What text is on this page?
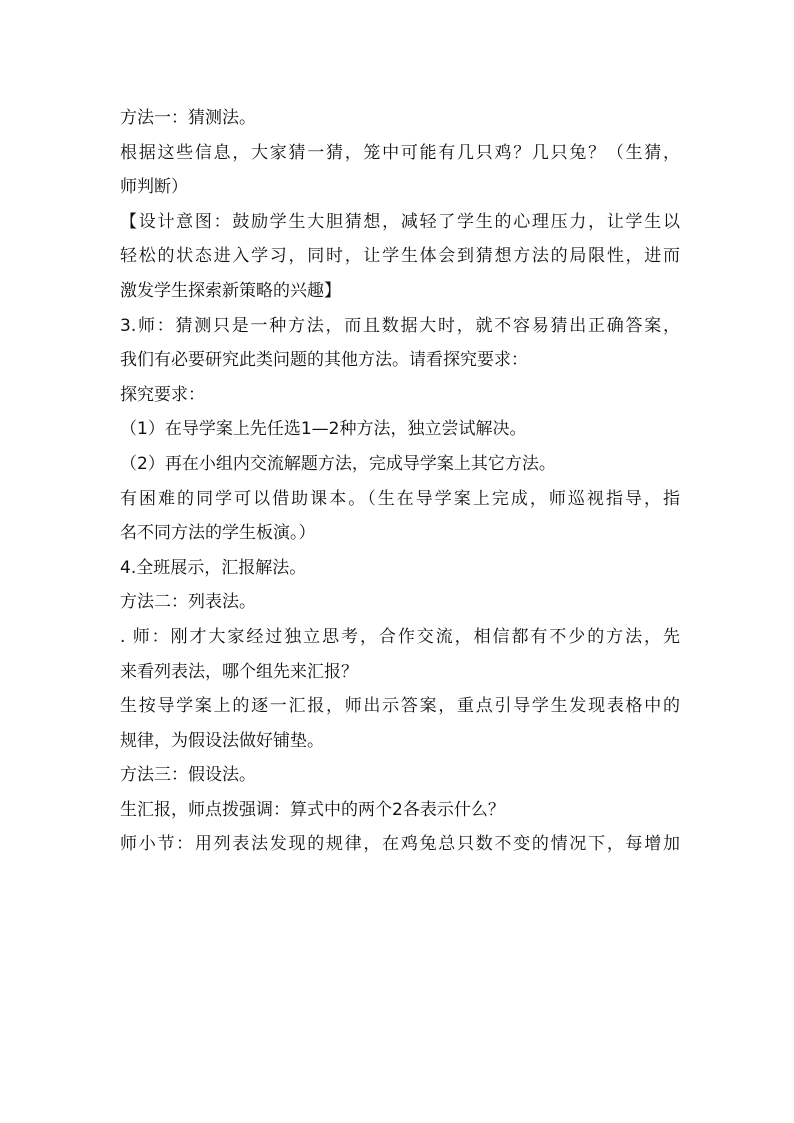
方法一：猜测法。
根据这些信息，大家猜一猜，笼中可能有几只鸡？几只兔？（生猜，
师判断）
【设计意图：鼓励学生大胆猜想，减轻了学生的心理压力，让学生以
轻松的状态进入学习，同时，让学生体会到猜想方法的局限性，进而
激发学生探索新策略的兴趣】
3.师：猜测只是一种方法，而且数据大时，就不容易猜出正确答案，
我们有必要研究此类问题的其他方法。请看探究要求：
探究要求：
（1）在导学案上先任选1—2种方法，独立尝试解决。
（2）再在小组内交流解题方法，完成导学案上其它方法。
有困难的同学可以借助课本。（生在导学案上完成，师巡视指导，指
名不同方法的学生板演。）
4.全班展示，汇报解法。
方法二：列表法。
. 师：刚才大家经过独立思考，合作交流，相信都有不少的方法，先
来看列表法，哪个组先来汇报？
生按导学案上的逐一汇报，师出示答案，重点引导学生发现表格中的
规律，为假设法做好铺垫。
方法三：假设法。
生汇报，师点拨强调：算式中的两个2各表示什么？
师小节：用列表法发现的规律，在鸡兔总只数不变的情况下，每增加
